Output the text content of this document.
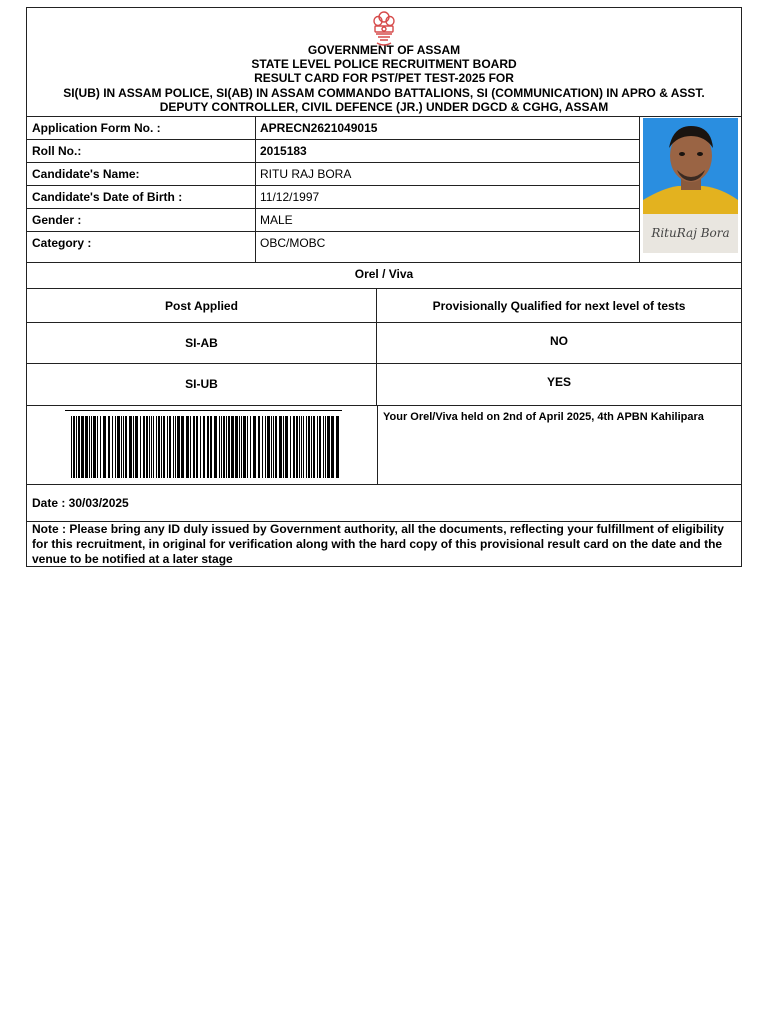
GOVERNMENT OF ASSAM
STATE LEVEL POLICE RECRUITMENT BOARD
RESULT CARD FOR PST/PET TEST-2025 FOR
SI(UB) IN ASSAM POLICE, SI(AB) IN ASSAM COMMANDO BATTALIONS, SI (COMMUNICATION) IN APRO & ASST.
DEPUTY CONTROLLER, CIVIL DEFENCE (JR.) UNDER DGCD & CGHG, ASSAM
Application Form No. :	APRECN2621049015
Roll No.:	2015183
Candidate's Name:	RITU RAJ BORA
Candidate's Date of Birth :	11/12/1997
Gender :	MALE
Category :	OBC/MOBC
RituRaj Bora
Orel / Viva
Post Applied	Provisionally Qualified for next level of tests
SI-AB	NO
SI-UB	YES
Your Orel/Viva held on 2nd of April 2025, 4th APBN Kahilipara
Date : 30/03/2025
Note : Please bring any ID duly issued by Government authority, all the documents, reflecting your fulfillment of eligibility for this recruitment, in original for verification along with the hard copy of this provisional result card on the date and the venue to be notified at a later stage
